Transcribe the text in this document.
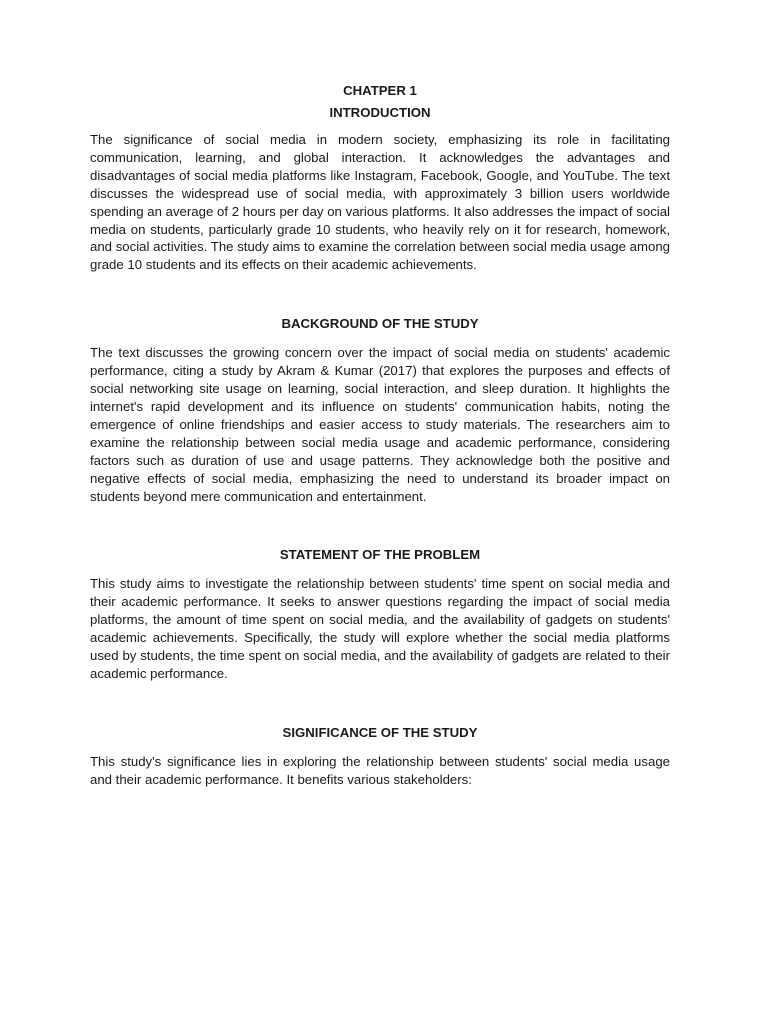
CHATPER 1

INTRODUCTION

The significance of social media in modern society, emphasizing its role in facilitating communication, learning, and global interaction. It acknowledges the advantages and disadvantages of social media platforms like Instagram, Facebook, Google, and YouTube. The text discusses the widespread use of social media, with approximately 3 billion users worldwide spending an average of 2 hours per day on various platforms. It also addresses the impact of social media on students, particularly grade 10 students, who heavily rely on it for research, homework, and social activities. The study aims to examine the correlation between social media usage among grade 10 students and its effects on their academic achievements.

BACKGROUND OF THE STUDY

The text discusses the growing concern over the impact of social media on students' academic performance, citing a study by Akram & Kumar (2017) that explores the purposes and effects of social networking site usage on learning, social interaction, and sleep duration. It highlights the internet's rapid development and its influence on students' communication habits, noting the emergence of online friendships and easier access to study materials. The researchers aim to examine the relationship between social media usage and academic performance, considering factors such as duration of use and usage patterns. They acknowledge both the positive and negative effects of social media, emphasizing the need to understand its broader impact on students beyond mere communication and entertainment.

STATEMENT OF THE PROBLEM

This study aims to investigate the relationship between students' time spent on social media and their academic performance. It seeks to answer questions regarding the impact of social media platforms, the amount of time spent on social media, and the availability of gadgets on students' academic achievements. Specifically, the study will explore whether the social media platforms used by students, the time spent on social media, and the availability of gadgets are related to their academic performance.

SIGNIFICANCE OF THE STUDY

This study's significance lies in exploring the relationship between students' social media usage and their academic performance. It benefits various stakeholders:
